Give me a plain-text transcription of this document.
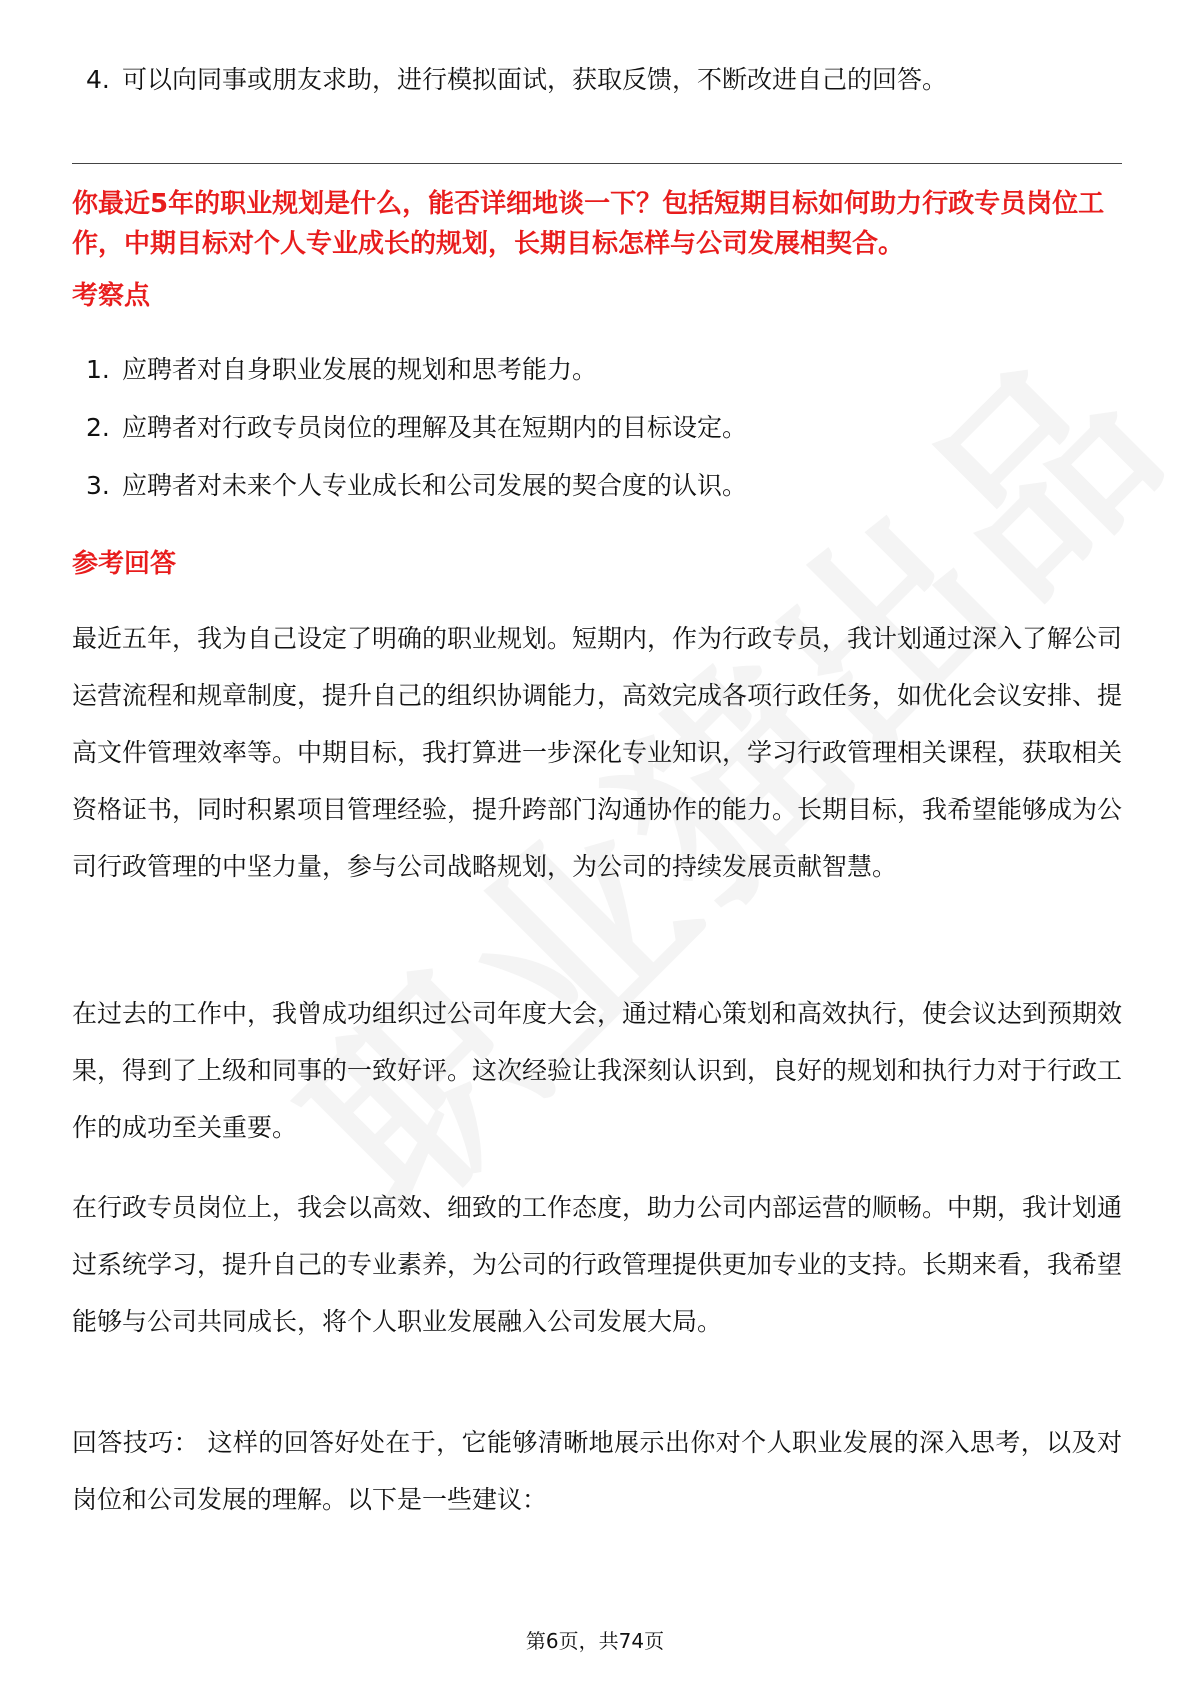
4. 可以向同事或朋友求助，进行模拟面试，获取反馈，不断改进自己的回答。
你最近5年的职业规划是什么，能否详细地谈一下？包括短期目标如何助力行政专员岗位工作，中期目标对个人专业成长的规划，长期目标怎样与公司发展相契合。
考察点
1. 应聘者对自身职业发展的规划和思考能力。
2. 应聘者对行政专员岗位的理解及其在短期内的目标设定。
3. 应聘者对未来个人专业成长和公司发展的契合度的认识。
参考回答

最近五年，我为自己设定了明确的职业规划。短期内，作为行政专员，我计划通过深入了解公司运营流程和规章制度，提升自己的组织协调能力，高效完成各项行政任务，如优化会议安排、提高文件管理效率等。中期目标，我打算进一步深化专业知识，学习行政管理相关课程，获取相关资格证书，同时积累项目管理经验，提升跨部门沟通协作的能力。长期目标，我希望能够成为公司行政管理的中坚力量，参与公司战略规划，为公司的持续发展贡献智慧。

在过去的工作中，我曾成功组织过公司年度大会，通过精心策划和高效执行，使会议达到预期效果，得到了上级和同事的一致好评。这次经验让我深刻认识到，良好的规划和执行力对于行政工作的成功至关重要。

在行政专员岗位上，我会以高效、细致的工作态度，助力公司内部运营的顺畅。中期，我计划通过系统学习，提升自己的专业素养，为公司的行政管理提供更加专业的支持。长期来看，我希望能够与公司共同成长，将个人职业发展融入公司发展大局。

回答技巧： 这样的回答好处在于，它能够清晰地展示出你对个人职业发展的深入思考，以及对岗位和公司发展的理解。以下是一些建议：

第6页，共74页
